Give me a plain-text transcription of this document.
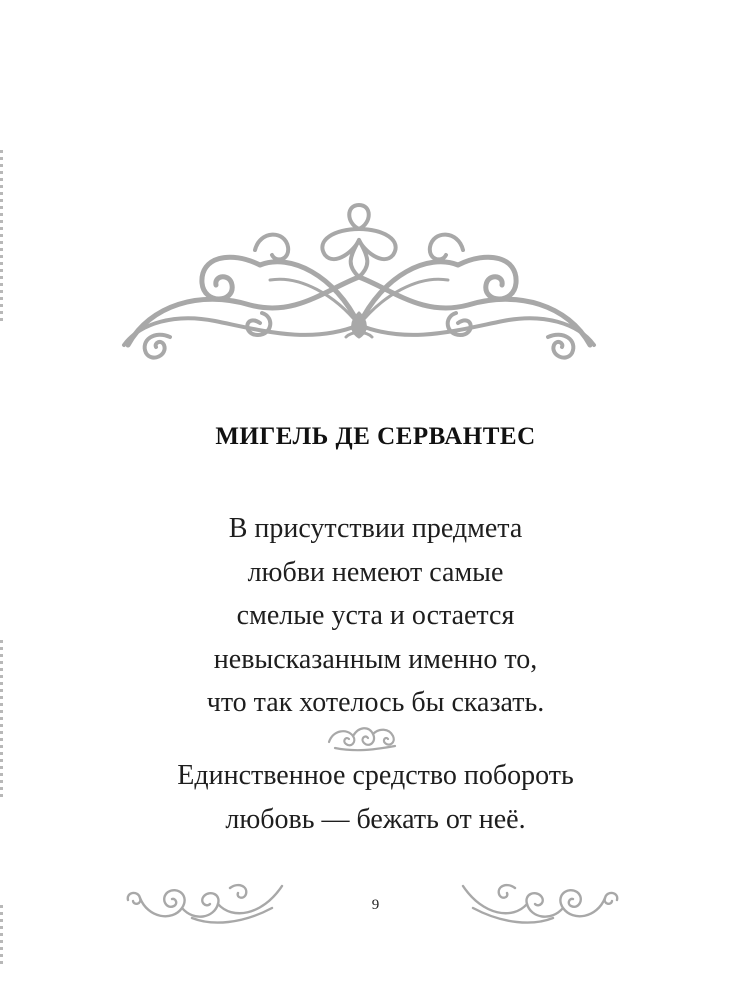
МИГЕЛЬ ДЕ СЕРВАНТЕС
В присутствии предмета
любви немеют самые
смелые уста и остается
невысказанным именно то,
что так хотелось бы сказать.
Единственное средство побороть
любовь — бежать от неё.
9
